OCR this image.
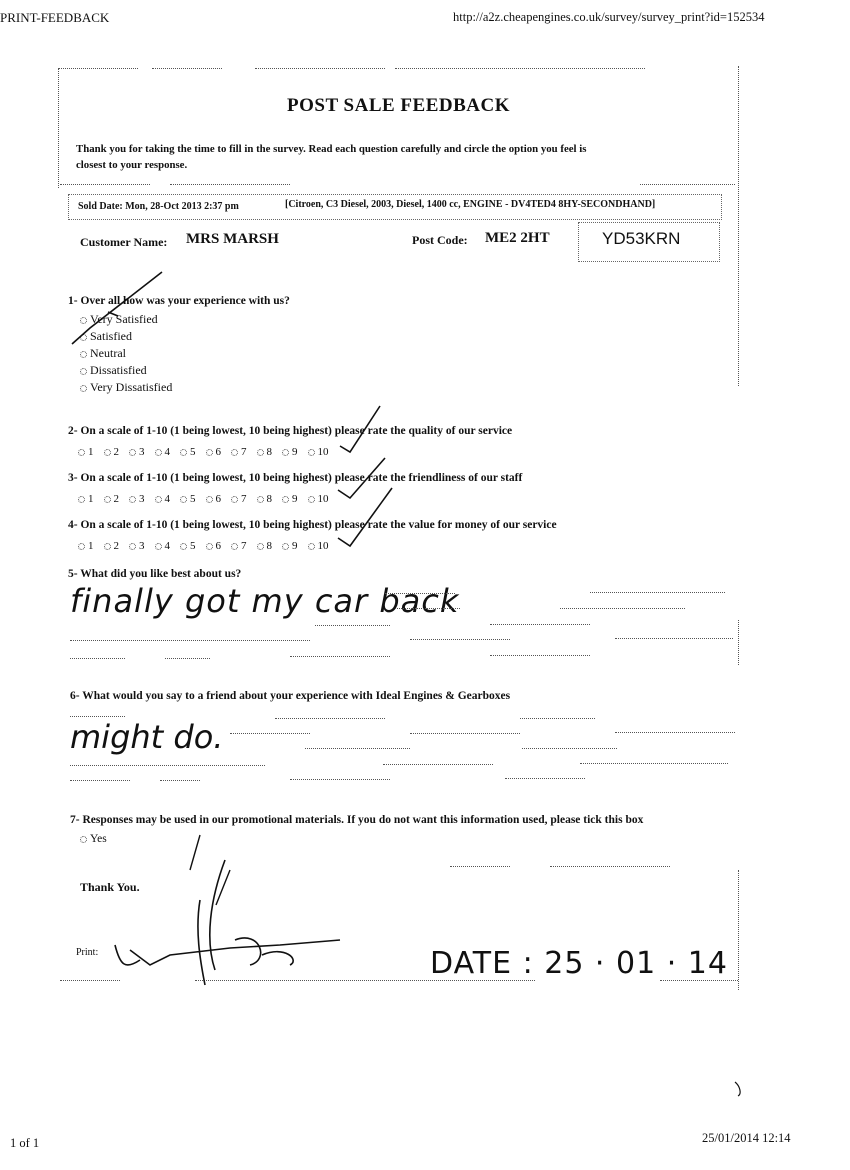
PRINT-FEEDBACK	http://a2z.cheapengines.co.uk/survey/survey_print?id=152534
POST SALE FEEDBACK
Thank you for taking the time to fill in the survey. Read each question carefully and circle the option you feel is
closest to your response.
Sold Date: Mon, 28-Oct 2013 2:37 pm	[Citroen, C3 Diesel, 2003, Diesel, 1400 cc, ENGINE - DV4TED4 8HY-SECONDHAND]
Customer Name: MRS MARSH	Post Code: ME2 2HT	YD53KRN
1- Over all how was your experience with us?
Very Satisfied
Satisfied
Neutral
Dissatisfied
Very Dissatisfied
2- On a scale of 1-10 (1 being lowest, 10 being highest) please rate the quality of our service
1 2 3 4 5 6 7 8 9 10
3- On a scale of 1-10 (1 being lowest, 10 being highest) please rate the friendliness of our staff
1 2 3 4 5 6 7 8 9 10
4- On a scale of 1-10 (1 being lowest, 10 being highest) please rate the value for money of our service
1 2 3 4 5 6 7 8 9 10
5- What did you like best about us?
finally got my car back
6- What would you say to a friend about your experience with Ideal Engines & Gearboxes
might do.
7- Responses may be used in our promotional materials. If you do not want this information used, please tick this box
Yes
Thank You.
Print:	DATE : 25 · 01 · 14
1 of 1	25/01/2014 12:14
